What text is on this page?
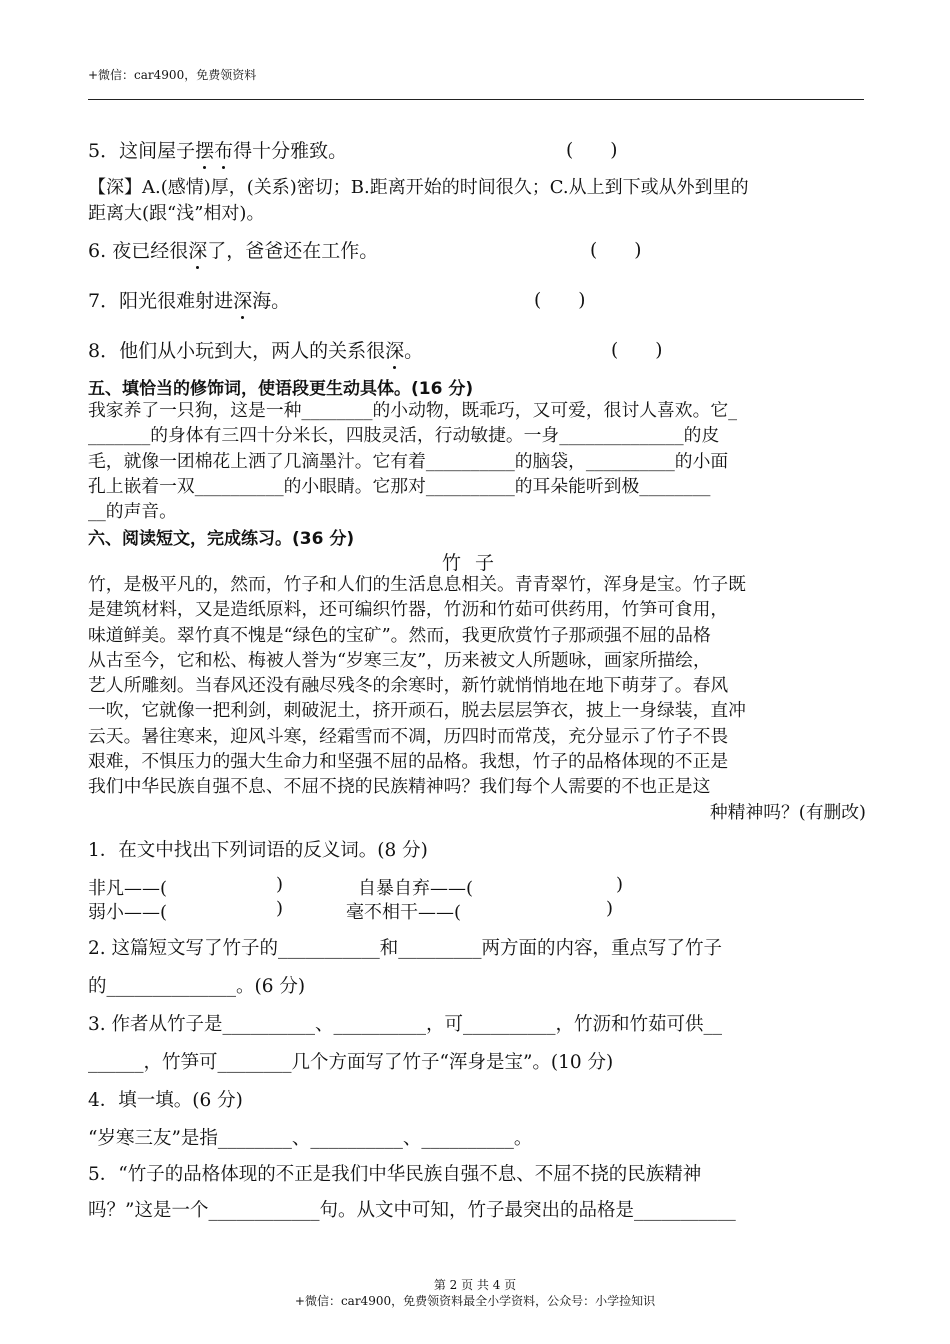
+微信：car4900，免费领资料
5．这间屋子摆布得十分雅致。	(　　)
【深】A.(感情)厚，(关系)密切；B.距离开始的时间很久；C.从上到下或从外到里的
距离大(跟“浅”相对)。
6. 夜已经很深了，爸爸还在工作。	(　　)
7．阳光很难射进深海。	(　　)
8．他们从小玩到大，两人的关系很深。	(　　)
五、填恰当的修饰词，使语段更生动具体。(16 分)
我家养了一只狗，这是一种________的小动物，既乖巧，又可爱，很讨人喜欢。它_
_______的身体有三四十分米长，四肢灵活，行动敏捷。一身______________的皮
毛，就像一团棉花上洒了几滴墨汁。它有着__________的脑袋，__________的小面
孔上嵌着一双__________的小眼睛。它那对__________的耳朵能听到极________
__的声音。
六、阅读短文，完成练习。(36 分)
竹子
竹，是极平凡的，然而，竹子和人们的生活息息相关。青青翠竹，浑身是宝。竹子既
是建筑材料，又是造纸原料，还可编织竹器，竹沥和竹茹可供药用，竹笋可食用，
味道鲜美。翠竹真不愧是“绿色的宝矿”。然而，我更欣赏竹子那顽强不屈的品格
从古至今，它和松、梅被人誉为“岁寒三友”，历来被文人所题咏，画家所描绘，
艺人所雕刻。当春风还没有融尽残冬的余寒时，新竹就悄悄地在地下萌芽了。春风
一吹，它就像一把利剑，刺破泥土，挤开顽石，脱去层层笋衣，披上一身绿装，直冲
云天。暑往寒来，迎风斗寒，经霜雪而不凋，历四时而常茂，充分显示了竹子不畏
艰难，不惧压力的强大生命力和坚强不屈的品格。我想，竹子的品格体现的不正是
我们中华民族自强不息、不屈不挠的民族精神吗？我们每个人需要的不也正是这
种精神吗？(有删改)
1．在文中找出下列词语的反义词。(8 分)
非凡——(	)	自暴自弃——(	)
弱小——(	)	毫不相干——(	)
2. 这篇短文写了竹子的___________和_________两方面的内容，重点写了竹子
的______________。(6 分)
3. 作者从竹子是__________、__________，可__________，竹沥和竹茹可供__
______，竹笋可________几个方面写了竹子“浑身是宝”。(10 分)
4．填一填。(6 分)
“岁寒三友”是指________、__________、__________。
5．“竹子的品格体现的不正是我们中华民族自强不息、不屈不挠的民族精神
吗？”这是一个____________句。从文中可知，竹子最突出的品格是___________
第 2 页 共 4 页
+微信：car4900，免费领资料最全小学资料，公众号：小学捡知识
